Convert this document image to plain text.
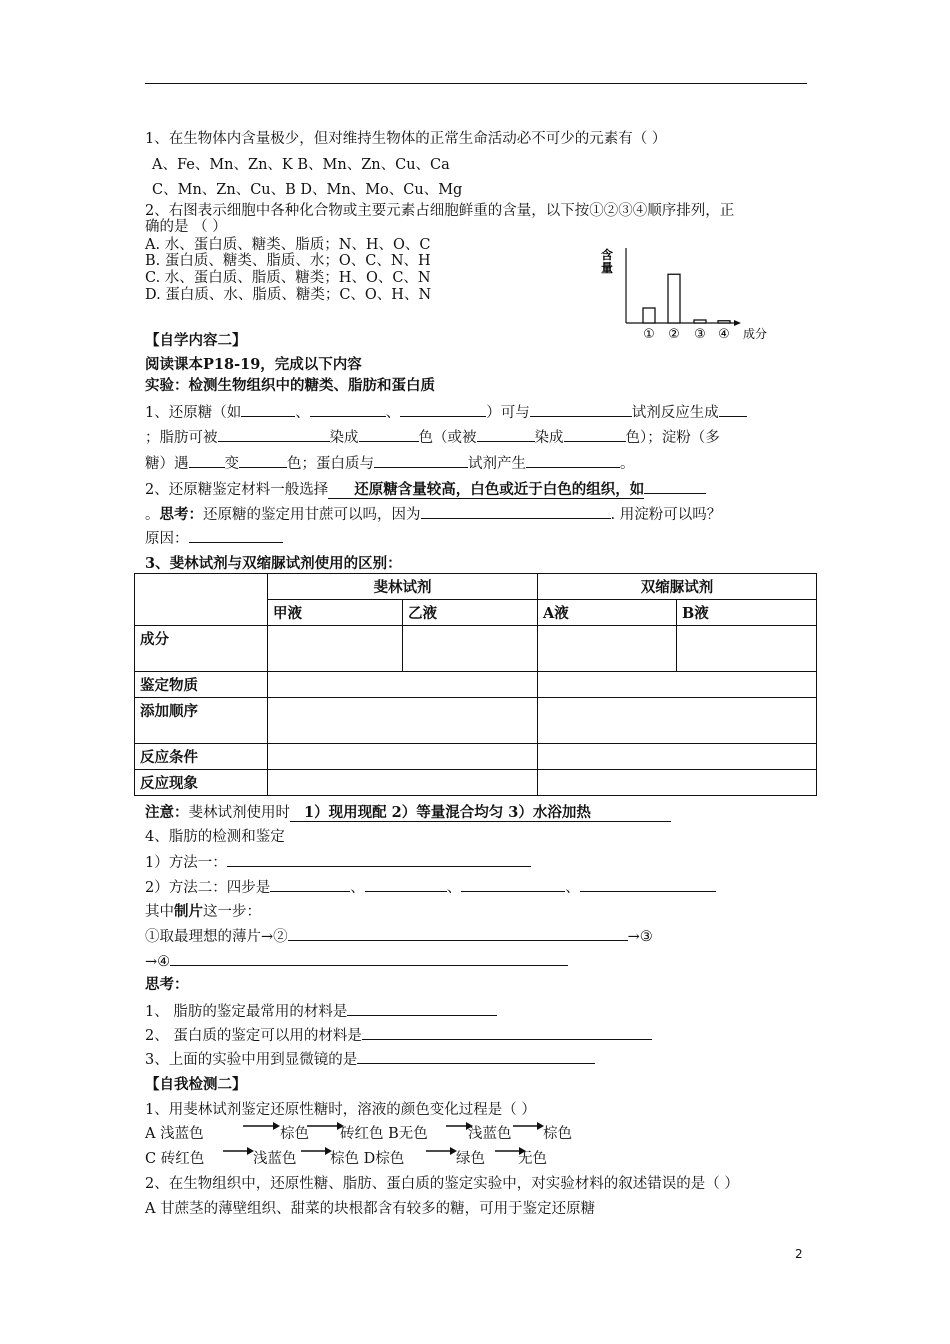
1、在生物体内含量极少，但对维持生物体的正常生命活动必不可少的元素有（ ）
A、Fe、Mn、Zn、K B、Mn、Zn、Cu、Ca
C、Mn、Zn、Cu、B D、Mn、Mo、Cu、Mg
2、右图表示细胞中各种化合物或主要元素占细胞鲜重的含量，以下按①②③④顺序排列，正
确的是 （ ）
A. 水、蛋白质、糖类、脂质；N、H、O、C
B. 蛋白质、糖类、脂质、水；O、C、N、H
C. 水、蛋白质、脂质、糖类；H、O、C、N
D. 蛋白质、水、脂质、糖类；C、O、H、N
① ② ③ ④
含
量
成分
【自学内容二】
阅读课本P18-19，完成以下内容
实验：检测生物组织中的糖类、脂肪和蛋白质
1、还原糖（如	、	、	）可与	试剂反应生成
；脂肪可被	染成	色（或被	染成	色）；淀粉（多
糖）遇 变	色；蛋白质与	试剂产生	。
2、还原糖鉴定材料一般选择 还原糖含量较高，白色或近于白色的组织，如
。思考：还原糖的鉴定用甘蔗可以吗，因为	. 用淀粉可以吗？
原因：
3、斐林试剂与双缩脲试剂使用的区别：
	斐林试剂		双缩脲试剂	
	甲液	乙液	A液	B液
成分				
鉴定物质				
添加顺序				
反应条件				
反应现象				
注意：斐林试剂使用时 1）现用现配 2）等量混合均匀 3）水浴加热
4、脂肪的检测和鉴定
1）方法一：
2）方法二：四步是	、	、	、
其中制片这一步：
①取最理想的薄片→②	→③
→④
思考：
1、 脂肪的鉴定最常用的材料是
2、 蛋白质的鉴定可以用的材料是
3、上面的实验中用到显微镜的是
【自我检测二】
1、用斐林试剂鉴定还原性糖时，溶液的颜色变化过程是（ ）
A 浅蓝色	棕色 砖红色 B无色	浅蓝色 棕色
C 砖红色	浅蓝色 棕色 D棕色	绿色 无色
2、在生物组织中，还原性糖、脂肪、蛋白质的鉴定实验中，对实验材料的叙述错误的是（ ）
A 甘蔗茎的薄壁组织、甜菜的块根都含有较多的糖，可用于鉴定还原糖
2
